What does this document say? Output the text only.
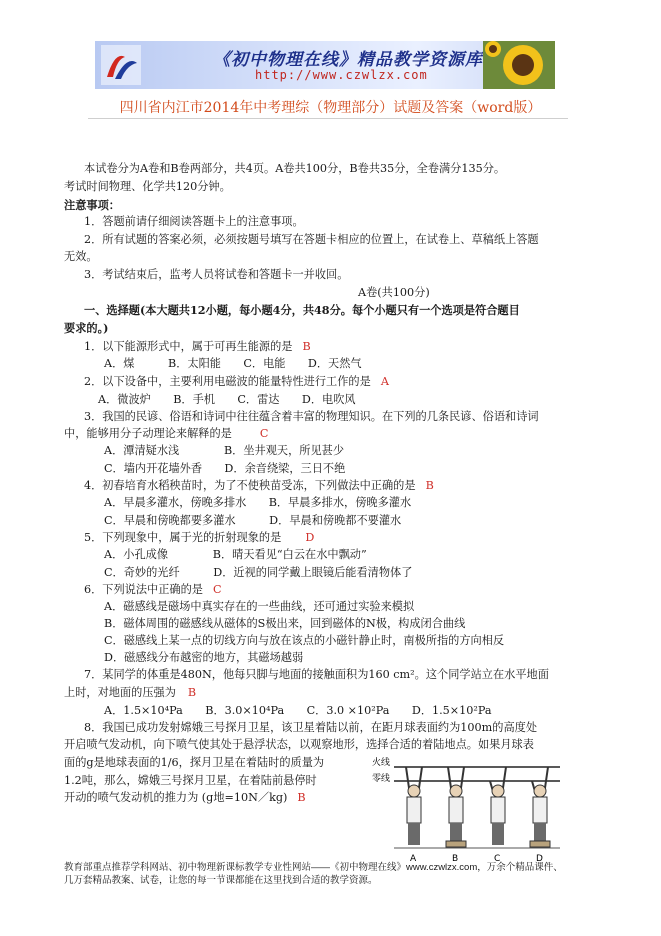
《初中物理在线》精品教学资源库
http://www.czwlzx.com
四川省内江市2014年中考理综（物理部分）试题及答案（word版）
本试卷分为A卷和B卷两部分，共4页。A卷共100分，B卷共35分，全卷满分135分。
考试时间物理、化学共120分钟。
注意事项：
1．答题前请仔细阅读答题卡上的注意事项。
2．所有试题的答案必须，必须按题号填写在答题卡相应的位置上，在试卷上、草稿纸上答题
无效。
3．考试结束后，监考人员将试卷和答题卡一并收回。
A卷(共100分)
一、选择题(本大题共12小题，每小题4分，共48分。每个小题只有一个选项是符合题目
要求的。)
1．以下能源形式中，属于可再生能源的是 B
A．煤　　　B．太阳能　　C．电能　　D．天然气
2．以下设备中，主要利用电磁波的能量特性进行工作的是 A
A．微波炉　　B．手机　　C．雷达　　D．电吹风
3．我国的民谚、俗语和诗词中往往蕴含着丰富的物理知识。在下列的几条民谚、俗语和诗词
中，能够用分子动理论来解释的是	C
A．潭清疑水浅　　　　B．坐井观天，所见甚少
C．墙内开花墙外香　　D．余音绕梁，三日不绝
4．初春培育水稻秧苗时，为了不使秧苗受冻，下列做法中正确的是 B
A．早晨多灌水，傍晚多排水　　B．早晨多排水，傍晚多灌水
C．早晨和傍晚都要多灌水　　　D．早晨和傍晚都不要灌水
5．下列现象中，属于光的折射现象的是 D
A．小孔成像　　　　B．晴天看见“白云在水中飘动”
C．奇妙的光纤　　　D．近视的同学戴上眼镜后能看清物体了
6．下列说法中正确的是 C
A．磁感线是磁场中真实存在的一些曲线，还可通过实验来模拟
B．磁体周围的磁感线从磁体的S极出来，回到磁体的N极，构成闭合曲线
C．磁感线上某一点的切线方向与放在该点的小磁针静止时，南极所指的方向相反
D．磁感线分布越密的地方，其磁场越弱
7．某同学的体重是480N，他每只脚与地面的接触面积为160 cm²。这个同学站立在水平地面
上时，对地面的压强为 B
A．1.5×10⁴Pa　　B．3.0×10⁴Pa　　C．3.0 ×10²Pa　　D．1.5×10²Pa
8．我国已成功发射嫦娥三号探月卫星，该卫星着陆以前，在距月球表面约为100m的高度处
开启喷气发动机，向下喷气使其处于悬浮状态，以观察地形，选择合适的着陆地点。如果月球表
面的g是地球表面的1/6，探月卫星在着陆时的质量为
1.2吨，那么，嫦娥三号探月卫星，在着陆前悬停时
开动的喷气发动机的推力为 (g地=10N／kg) B
火线
零线
A	B	C	D
教育部重点推荐学科网站、初中物理新课标教学专业性网站——《初中物理在线》www.czwlzx.com，万余个精品课件、
几万套精品教案、试卷，让您的每一节课都能在这里找到合适的教学资源。
